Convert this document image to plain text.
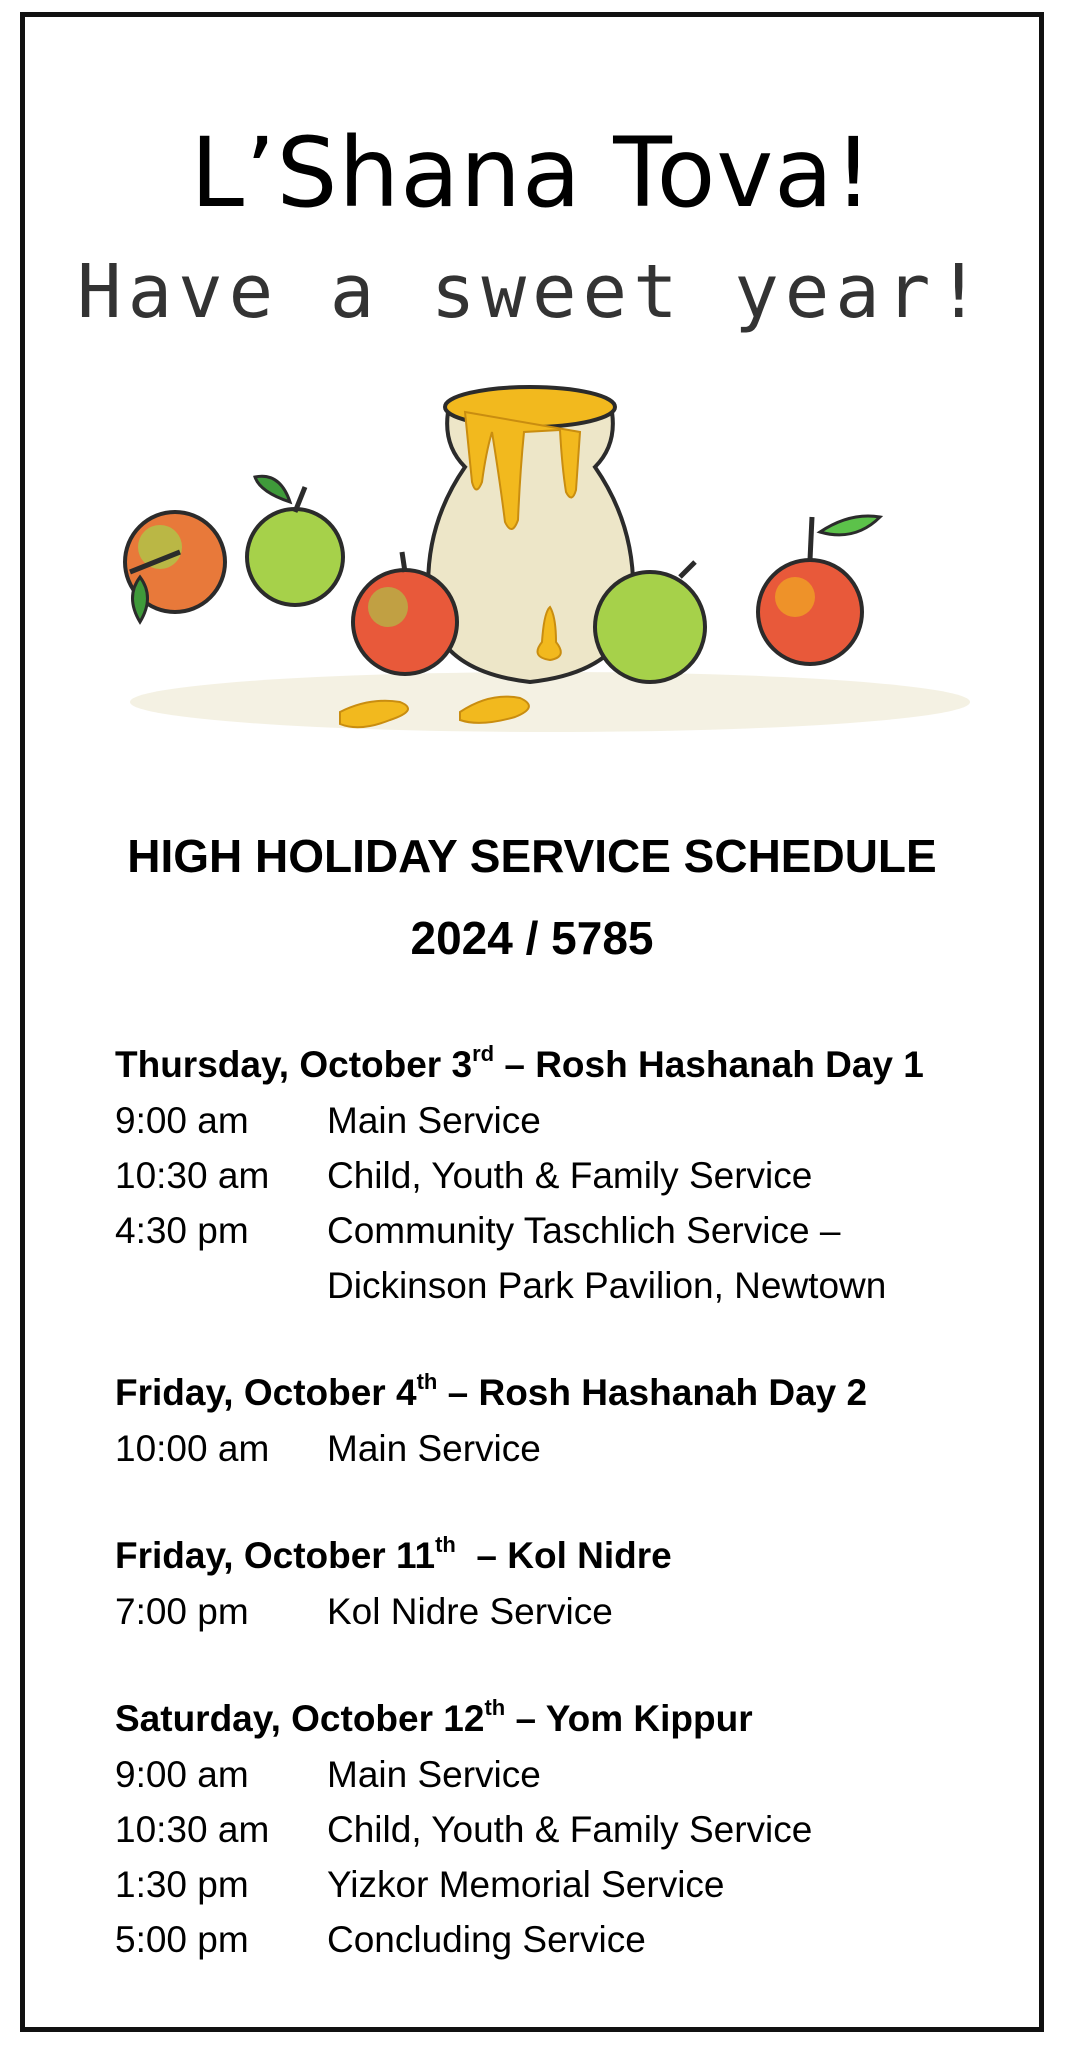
L’Shana Tova!
Have a sweet year!
HIGH HOLIDAY SERVICE SCHEDULE
2024 / 5785
Thursday, October 3rd – Rosh Hashanah Day 1
9:00 am	Main Service
10:30 am	Child, Youth & Family Service
4:30 pm	Community Taschlich Service –
Dickinson Park Pavilion, Newtown
Friday, October 4th – Rosh Hashanah Day 2
10:00 am	Main Service
Friday, October 11th  – Kol Nidre
7:00 pm	Kol Nidre Service
Saturday, October 12th – Yom Kippur
9:00 am	Main Service
10:30 am	Child, Youth & Family Service
1:30 pm	Yizkor Memorial Service
5:00 pm	Concluding Service
